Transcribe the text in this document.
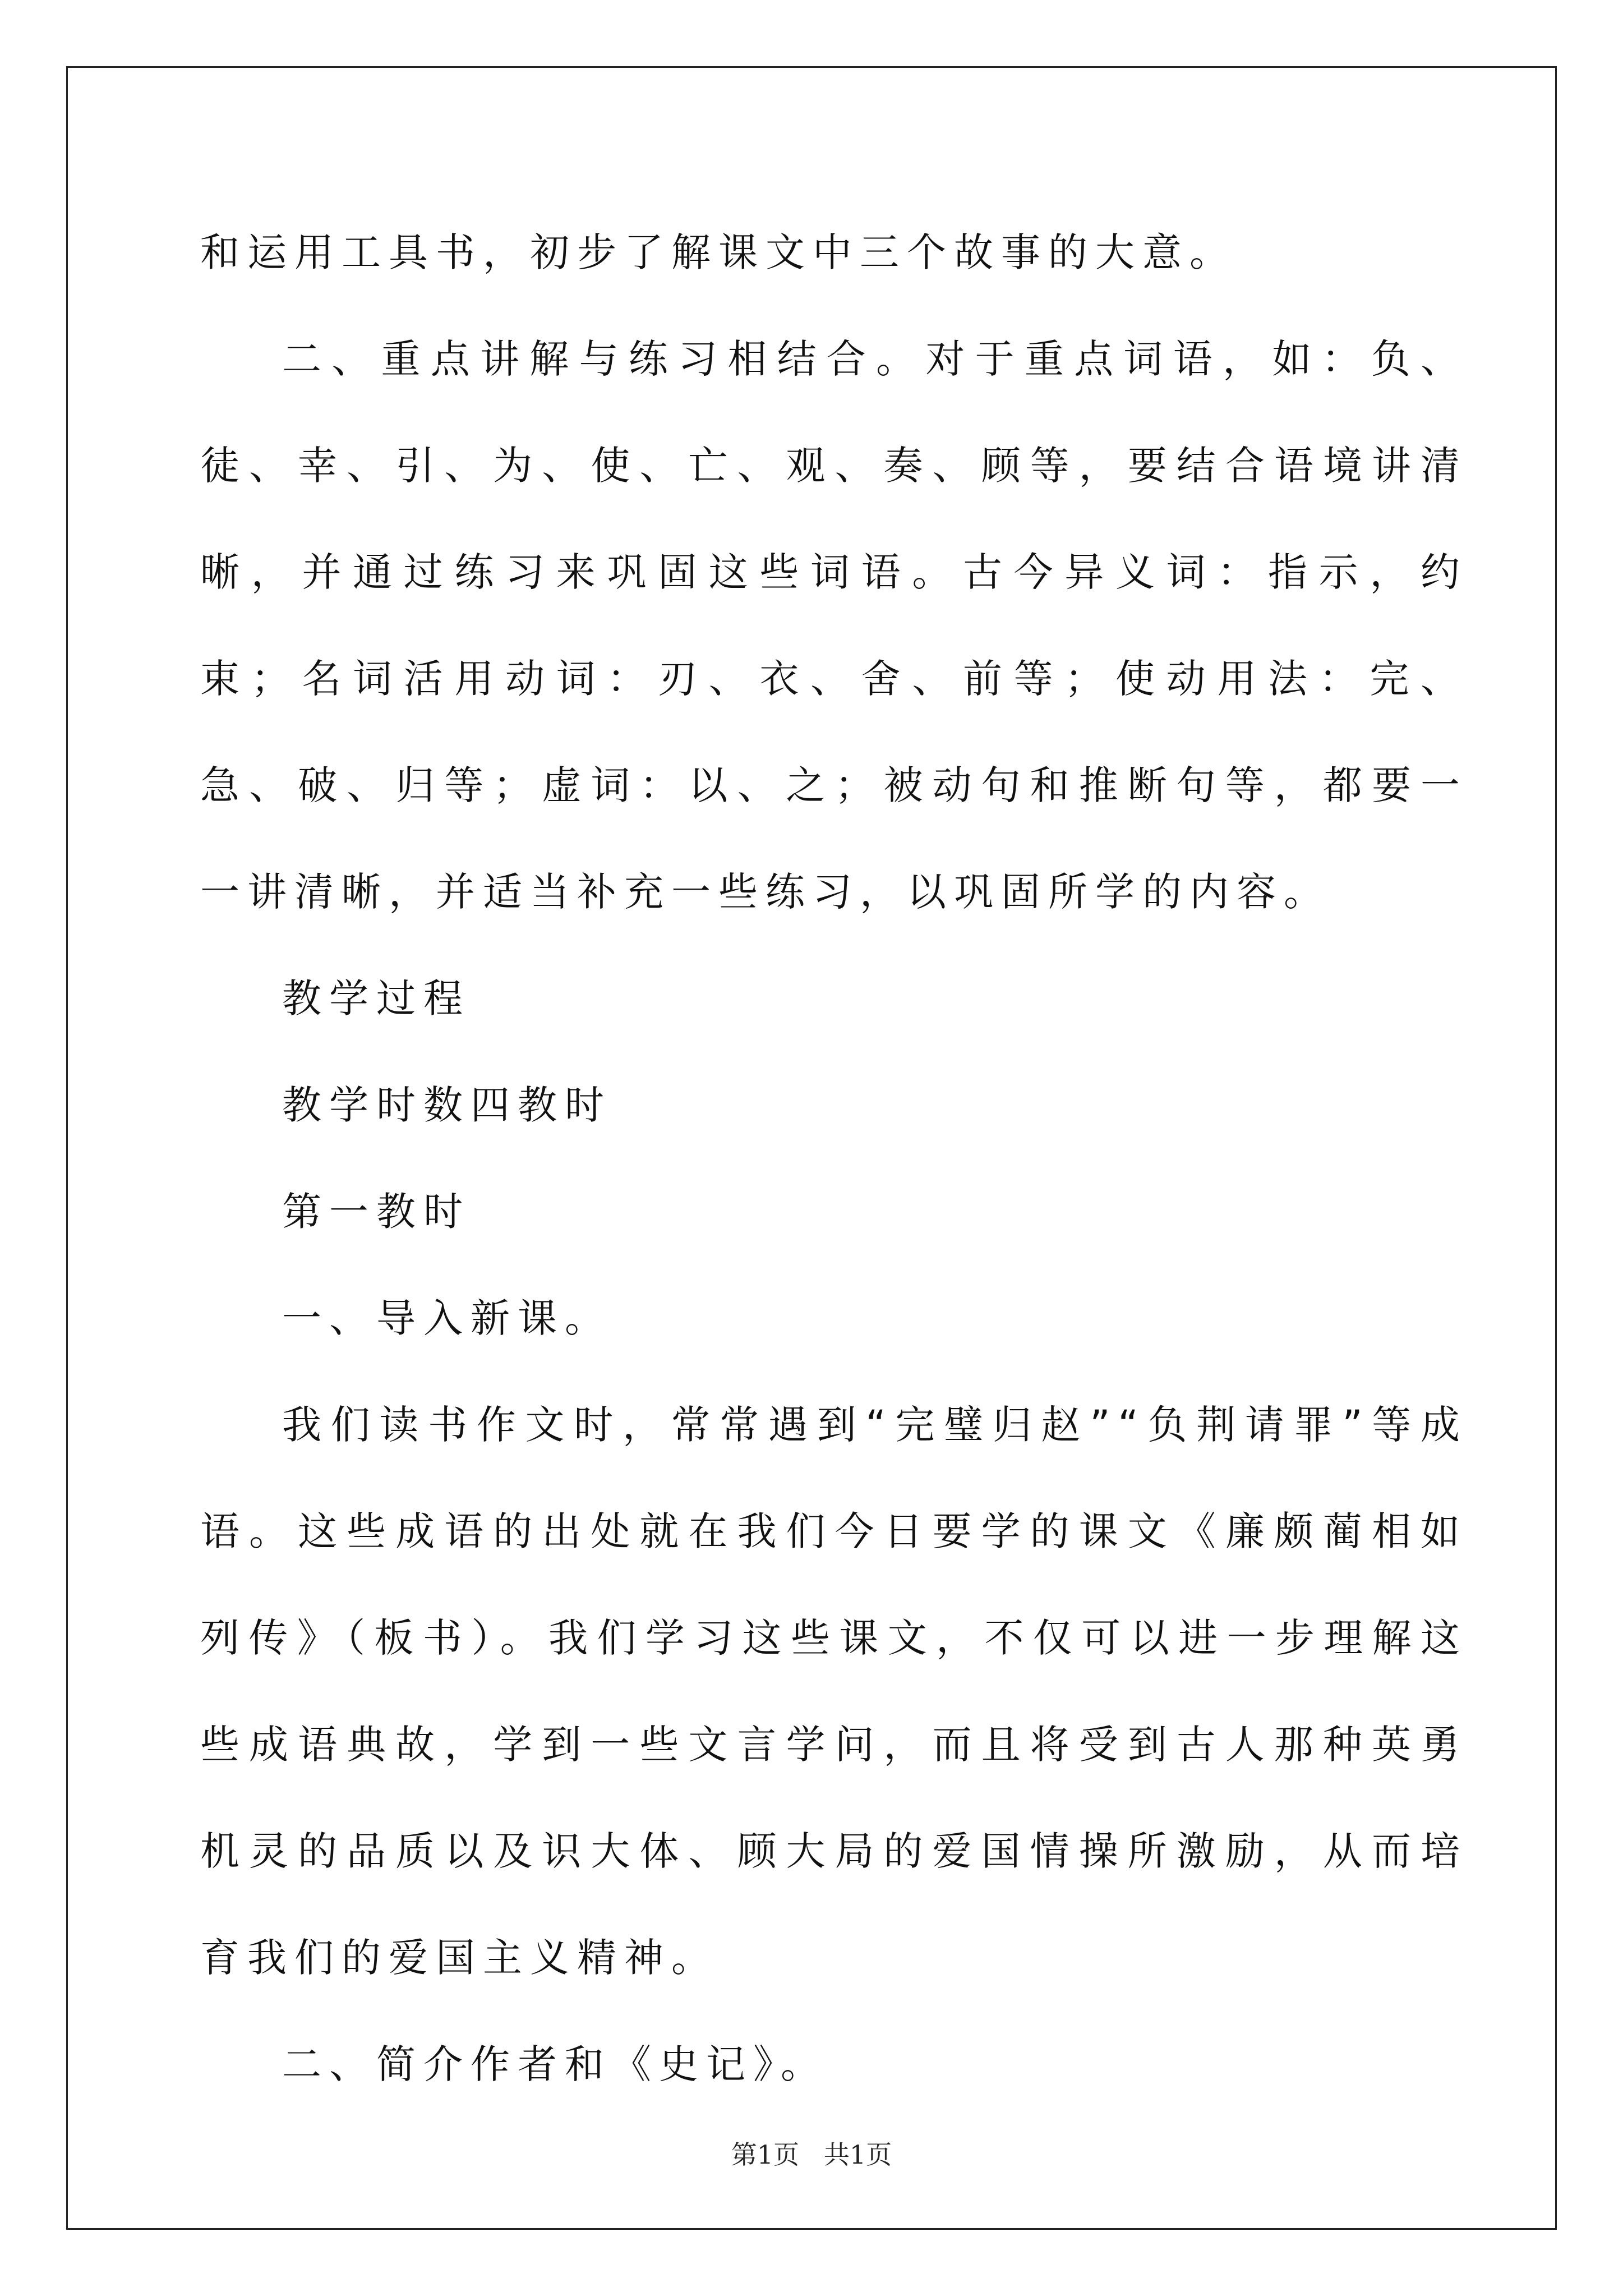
和运用工具书，初步了解课文中三个故事的大意。

二、重点讲解与练习相结合。对于重点词语，如：负、徒、幸、引、为、使、亡、观、奏、顾等，要结合语境讲清晰，并通过练习来巩固这些词语。古今异义词：指示，约束；名词活用动词：刃、衣、舍、前等；使动用法：完、急、破、归等；虚词：以、之；被动句和推断句等，都要一一讲清晰，并适当补充一些练习，以巩固所学的内容。

教学过程

教学时数四教时

第一教时

一、导入新课。

我们读书作文时，常常遇到“完璧归赵”“负荆请罪”等成语。这些成语的出处就在我们今日要学的课文《廉颇蔺相如列传》（板书）。我们学习这些课文，不仅可以进一步理解这些成语典故，学到一些文言学问，而且将受到古人那种英勇机灵的品质以及识大体、顾大局的爱国情操所激励，从而培育我们的爱国主义精神。

二、简介作者和《史记》。

第1页   共1页
